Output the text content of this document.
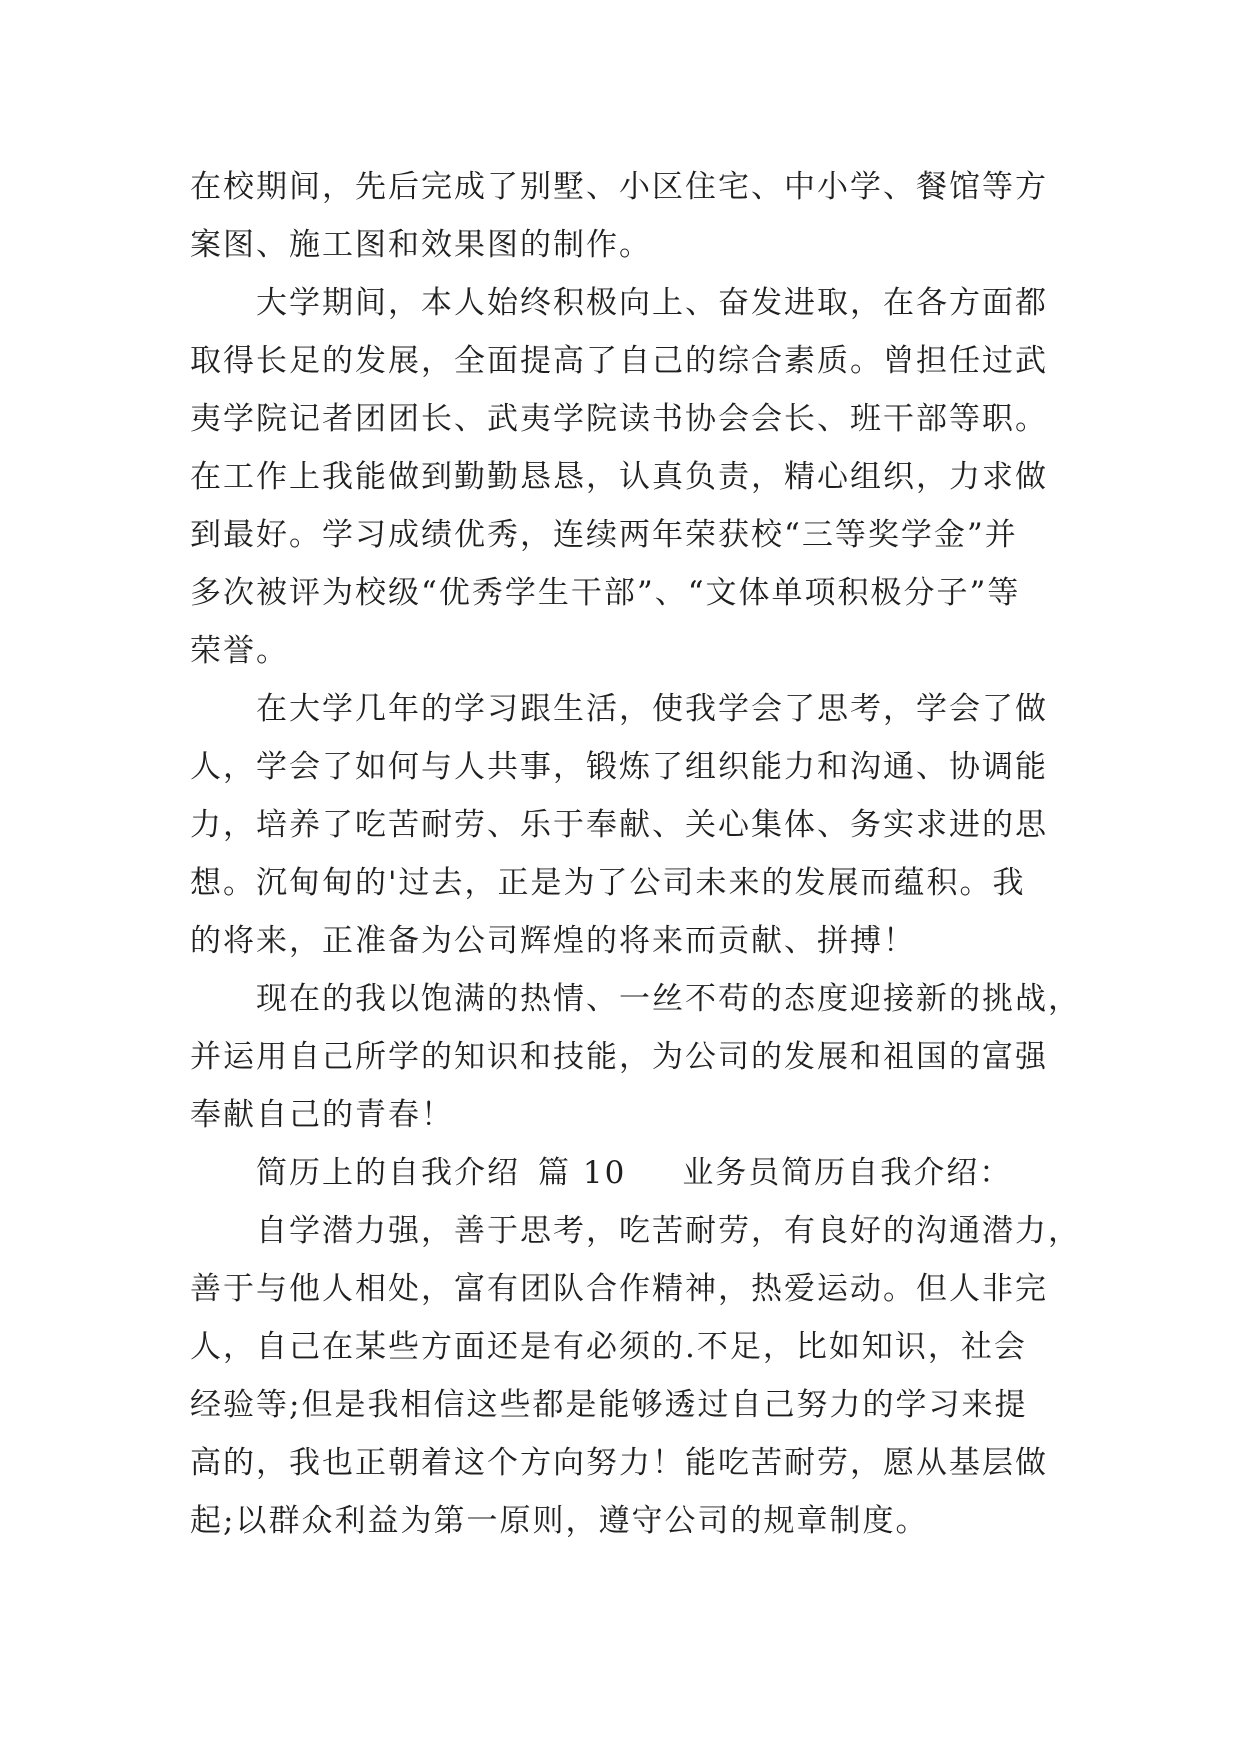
在校期间，先后完成了别墅、小区住宅、中小学、餐馆等方
案图、施工图和效果图的制作。
大学期间，本人始终积极向上、奋发进取，在各方面都
取得长足的发展，全面提高了自己的综合素质。曾担任过武
夷学院记者团团长、武夷学院读书协会会长、班干部等职。
在工作上我能做到勤勤恳恳，认真负责，精心组织，力求做
到最好。学习成绩优秀，连续两年荣获校“三等奖学金”并
多次被评为校级“优秀学生干部”、“文体单项积极分子”等
荣誉。
在大学几年的学习跟生活，使我学会了思考，学会了做
人，学会了如何与人共事，锻炼了组织能力和沟通、协调能
力，培养了吃苦耐劳、乐于奉献、关心集体、务实求进的思
想。沉甸甸的'过去，正是为了公司未来的发展而蕴积。我
的将来，正准备为公司辉煌的将来而贡献、拼搏！
现在的我以饱满的热情、一丝不苟的态度迎接新的挑战，
并运用自己所学的知识和技能，为公司的发展和祖国的富强
奉献自己的青春！
简历上的自我介绍 篇 10 业务员简历自我介绍：
自学潜力强，善于思考，吃苦耐劳，有良好的沟通潜力，
善于与他人相处，富有团队合作精神，热爱运动。但人非完
人，自己在某些方面还是有必须的.不足，比如知识，社会
经验等;但是我相信这些都是能够透过自己努力的学习来提
高的，我也正朝着这个方向努力！能吃苦耐劳，愿从基层做
起;以群众利益为第一原则，遵守公司的规章制度。
